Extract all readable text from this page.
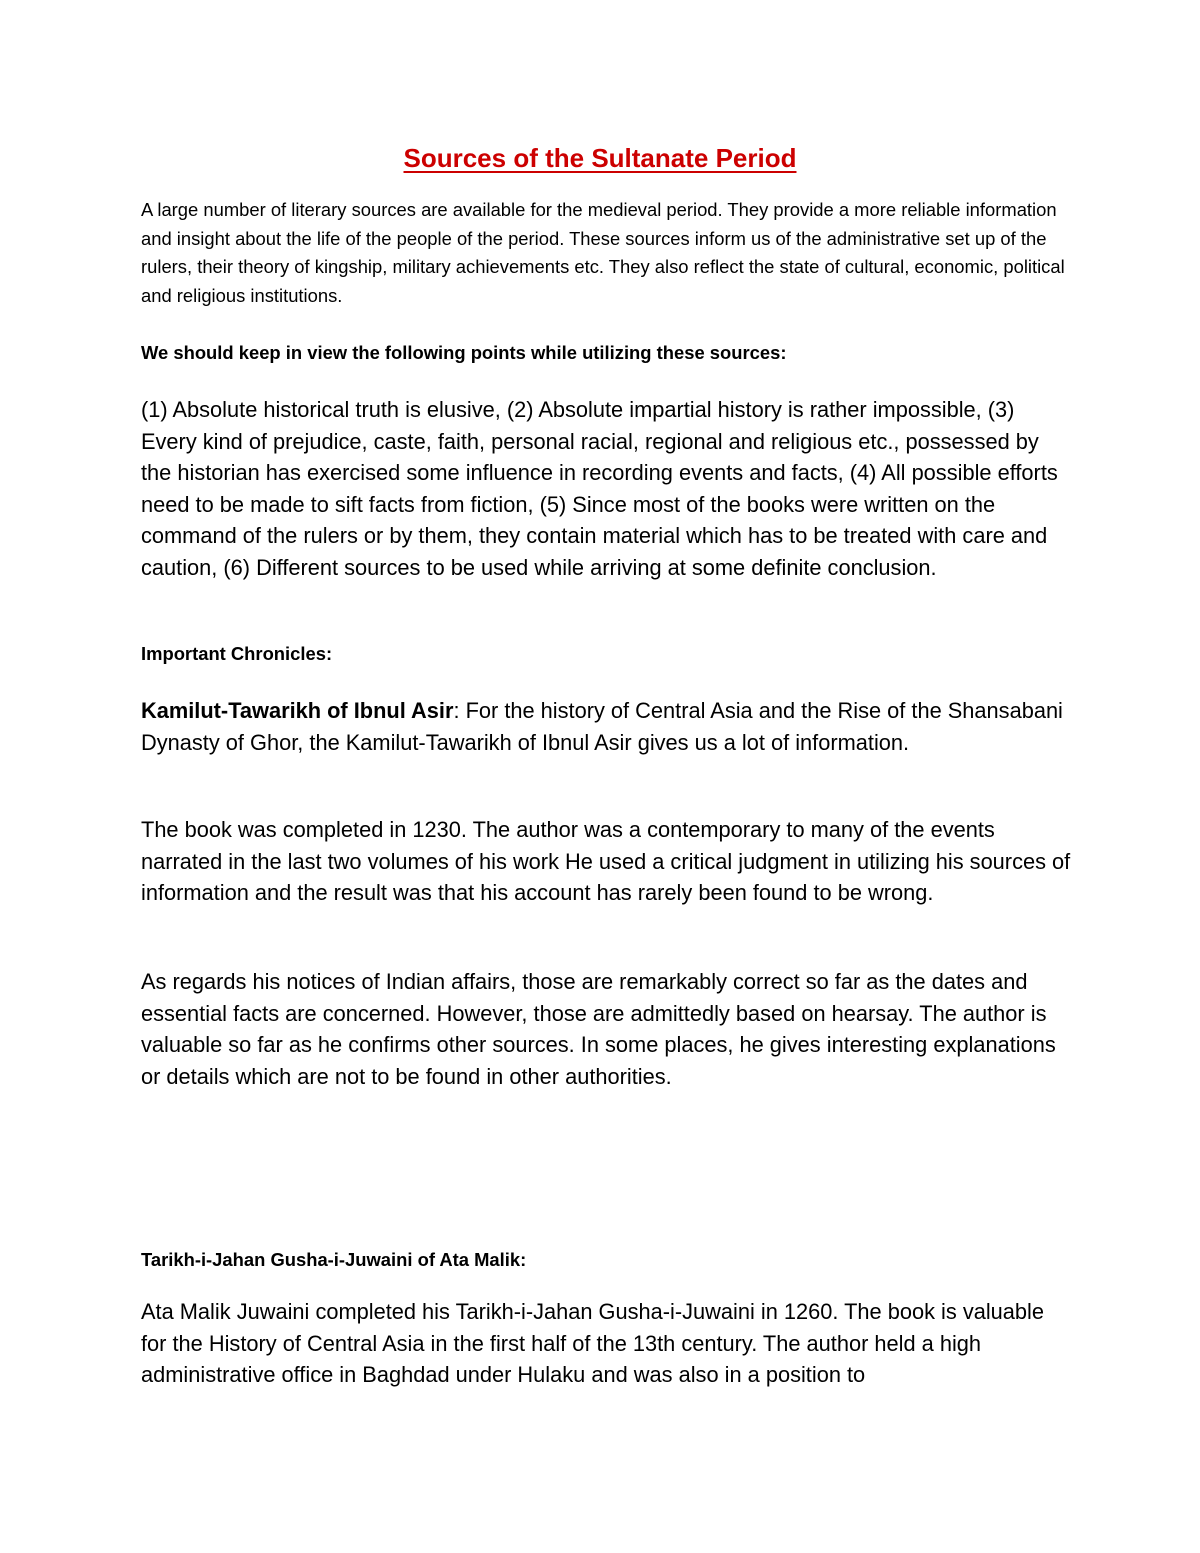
Sources of the Sultanate Period

A large number of literary sources are available for the medieval period. They provide a more reliable information and insight about the life of the people of the period. These sources inform us of the administrative set up of the rulers, their theory of kingship, military achievements etc. They also reflect the state of cultural, economic, political and religious institutions.

We should keep in view the following points while utilizing these sources:

(1) Absolute historical truth is elusive, (2) Absolute impartial history is rather impossible, (3) Every kind of prejudice, caste, faith, personal racial, regional and religious etc., possessed by the historian has exercised some influence in recording events and facts, (4) All possible efforts need to be made to sift facts from fiction, (5) Since most of the books were written on the command of the rulers or by them, they contain material which has to be treated with care and caution, (6) Different sources to be used while arriving at some definite conclusion.

Important Chronicles:

Kamilut-Tawarikh of Ibnul Asir: For the history of Central Asia and the Rise of the Shansabani Dynasty of Ghor, the Kamilut-Tawarikh of Ibnul Asir gives us a lot of information.

The book was completed in 1230. The author was a contemporary to many of the events narrated in the last two volumes of his work He used a critical judgment in utilizing his sources of information and the result was that his account has rarely been found to be wrong.

As regards his notices of Indian affairs, those are remarkably correct so far as the dates and essential facts are concerned. However, those are admittedly based on hearsay. The author is valuable so far as he confirms other sources. In some places, he gives interesting explanations or details which are not to be found in other authorities.

Tarikh-i-Jahan Gusha-i-Juwaini of Ata Malik:

Ata Malik Juwaini completed his Tarikh-i-Jahan Gusha-i-Juwaini in 1260. The book is valuable for the History of Central Asia in the first half of the 13th century. The author held a high administrative office in Baghdad under Hulaku and was also in a position to
